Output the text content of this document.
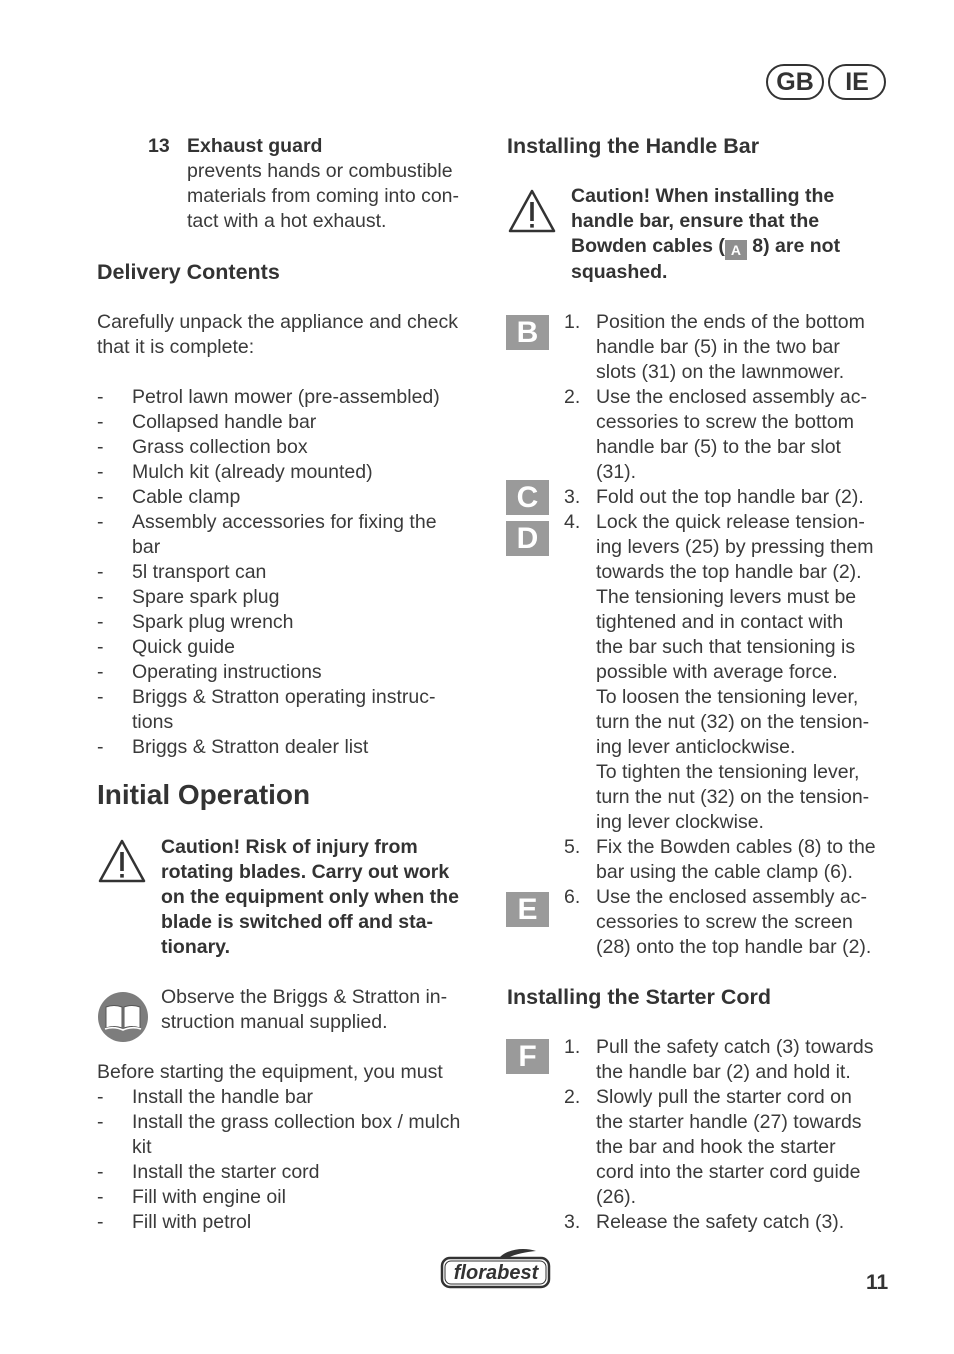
GB	IE
13 Exhaust guard

prevents hands or combustible
materials from coming into con-
tact with a hot exhaust.

Delivery Contents

Carefully unpack the appliance and check
that it is complete:

- Petrol lawn mower (pre-assembled)
- Collapsed handle bar
- Grass collection box
- Mulch kit (already mounted)
- Cable clamp
- Assembly accessories for fixing the
bar
- 5l transport can
- Spare spark plug
- Spark plug wrench
- Quick guide
- Operating instructions
- Briggs & Stratton operating instruc-
tions
- Briggs & Stratton dealer list
Initial Operation

Caution! Risk of injury from
rotating blades. Carry out work
on the equipment only when the
blade is switched off and sta-
tionary.

Observe the Briggs & Stratton in-
struction manual supplied.

Before starting the equipment, you must

- Install the handle bar
- Install the grass collection box / mulch
kit
- Install the starter cord
- Fill with engine oil
- Fill with petrol
Installing the Handle Bar

Caution! When installing the
handle bar, ensure that the
Bowden cables ( A 8) are not
squashed.

B
C
D
E
1. Position the ends of the bottom
handle bar (5) in the two bar
slots (31) on the lawnmower.
2. Use the enclosed assembly ac-
cessories to screw the bottom
handle bar (5) to the bar slot
(31).
3. Fold out the top handle bar (2).
4. Lock the quick release tension-
ing levers (25) by pressing them
towards the top handle bar (2).
The tensioning levers must be
tightened and in contact with
the bar such that tensioning is
possible with average force.
To loosen the tensioning lever,
turn the nut (32) on the tension-
ing lever anticlockwise.
To tighten the tensioning lever,
turn the nut (32) on the tension-
ing lever clockwise.
5. Fix the Bowden cables (8) to the
bar using the cable clamp (6).
6. Use the enclosed assembly ac-
cessories to screw the screen
(28) onto the top handle bar (2).
Installing the Starter Cord
F	1. Pull the safety catch (3) towards
the handle bar (2) and hold it.
2. Slowly pull the starter cord on
the starter handle (27) towards
the bar and hook the starter
cord into the starter cord guide
(26).
3. Release the safety catch (3).
florabest	11
